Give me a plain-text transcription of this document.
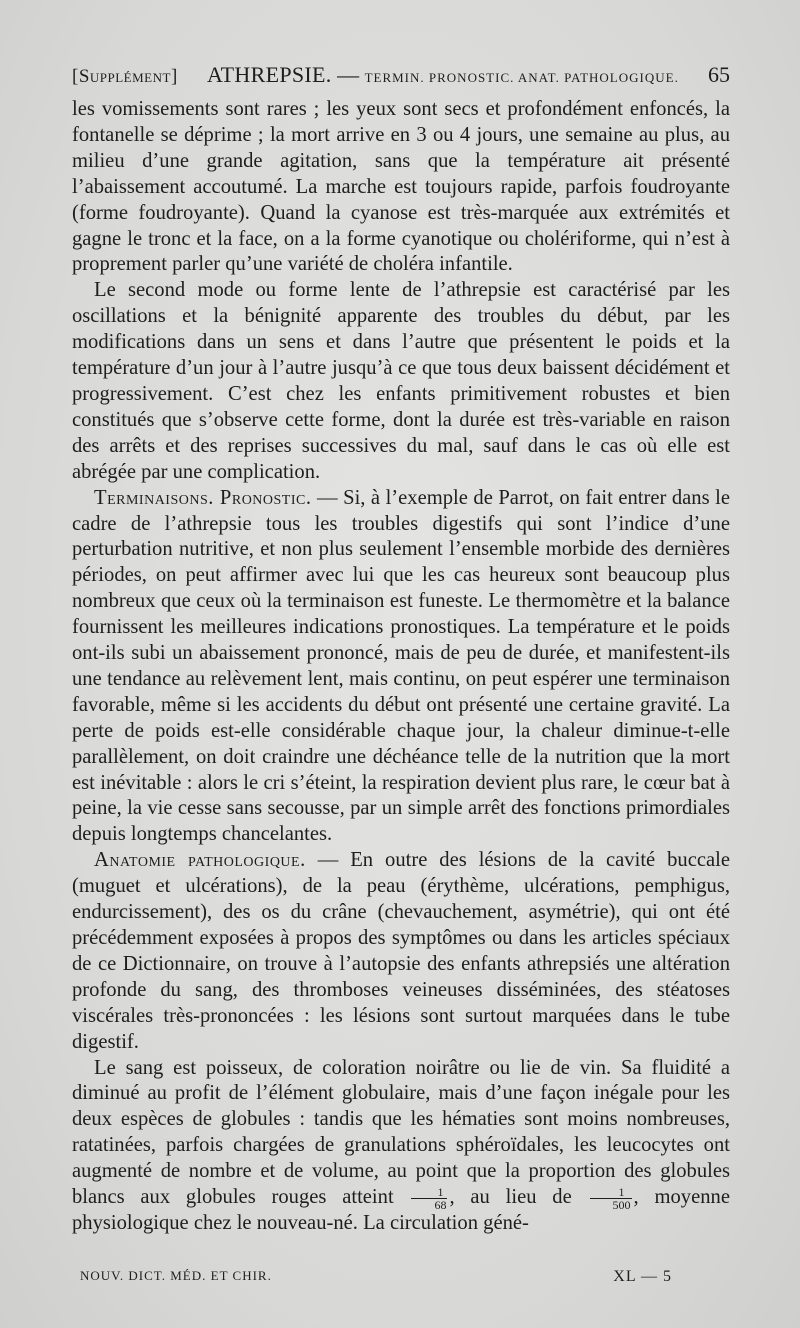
[Supplément] ATHREPSIE. — TERMIN. PRONOSTIC. ANAT. PATHOLOGIQUE. 65

les vomissements sont rares ; les yeux sont secs et profondément enfoncés, la fontanelle se déprime ; la mort arrive en 3 ou 4 jours, une semaine au plus, au milieu d’une grande agitation, sans que la température ait présenté l’abaissement accoutumé. La marche est toujours rapide, parfois foudroyante (forme foudroyante). Quand la cyanose est très-marquée aux extrémités et gagne le tronc et la face, on a la forme cyanotique ou cholériforme, qui n’est à proprement parler qu’une variété de choléra infantile.

Le second mode ou forme lente de l’athrepsie est caractérisé par les oscillations et la bénignité apparente des troubles du début, par les modifications dans un sens et dans l’autre que présentent le poids et la température d’un jour à l’autre jusqu’à ce que tous deux baissent décidément et progressivement. C’est chez les enfants primitivement robustes et bien constitués que s’observe cette forme, dont la durée est très-variable en raison des arrêts et des reprises successives du mal, sauf dans le cas où elle est abrégée par une complication.

Terminaisons. Pronostic. — Si, à l’exemple de Parrot, on fait entrer dans le cadre de l’athrepsie tous les troubles digestifs qui sont l’indice d’une perturbation nutritive, et non plus seulement l’ensemble morbide des dernières périodes, on peut affirmer avec lui que les cas heureux sont beaucoup plus nombreux que ceux où la terminaison est funeste. Le thermomètre et la balance fournissent les meilleures indications pronostiques. La température et le poids ont-ils subi un abaissement prononcé, mais de peu de durée, et manifestent-ils une tendance au relèvement lent, mais continu, on peut espérer une terminaison favorable, même si les accidents du début ont présenté une certaine gravité. La perte de poids est-elle considérable chaque jour, la chaleur diminue-t-elle parallèlement, on doit craindre une déchéance telle de la nutrition que la mort est inévitable : alors le cri s’éteint, la respiration devient plus rare, le cœur bat à peine, la vie cesse sans secousse, par un simple arrêt des fonctions primordiales depuis longtemps chancelantes.

Anatomie pathologique. — En outre des lésions de la cavité buccale (muguet et ulcérations), de la peau (érythème, ulcérations, pemphigus, endurcissement), des os du crâne (chevauchement, asymétrie), qui ont été précédemment exposées à propos des symptômes ou dans les articles spéciaux de ce Dictionnaire, on trouve à l’autopsie des enfants athrepsiés une altération profonde du sang, des thromboses veineuses disséminées, des stéatoses viscérales très-prononcées : les lésions sont surtout marquées dans le tube digestif.

Le sang est poisseux, de coloration noirâtre ou lie de vin. Sa fluidité a diminué au profit de l’élément globulaire, mais d’une façon inégale pour les deux espèces de globules : tandis que les hématies sont moins nombreuses, ratatinées, parfois chargées de granulations sphéroïdales, les leucocytes ont augmenté de nombre et de volume, au point que la proportion des globules blancs aux globules rouges atteint $\frac{1}{68}$ , au lieu de $\frac{1}{500}$ , moyenne physiologique chez le nouveau-né. La circulation géné-

NOUV. DICT. MÉD. ET CHIR.	XL — 5
